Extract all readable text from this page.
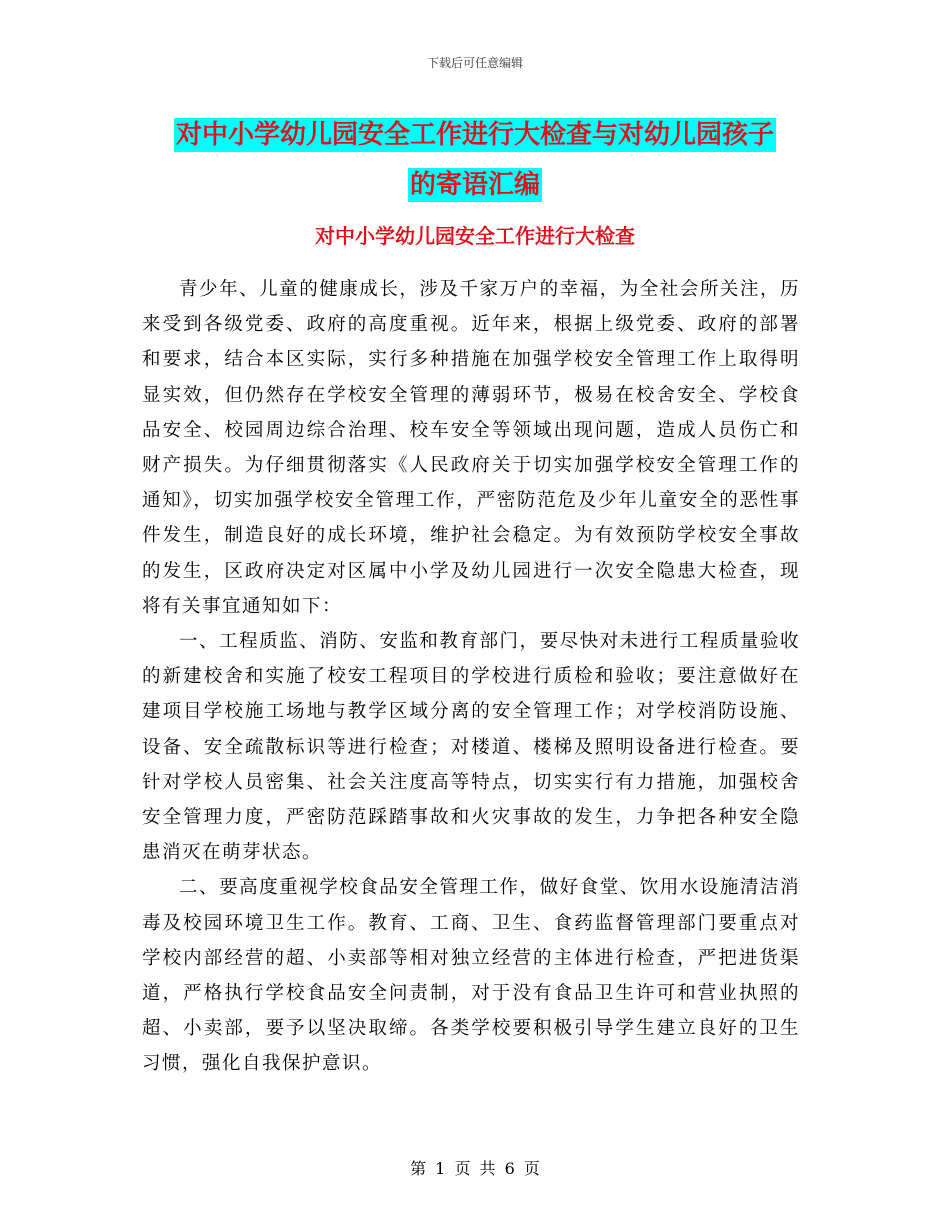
下载后可任意编辑
对中小学幼儿园安全工作进行大检查与对幼儿园孩子
的寄语汇编
对中小学幼儿园安全工作进行大检查

青少年、儿童的健康成长，涉及千家万户的幸福，为全社会所关注，历来受到各级党委、政府的高度重视。近年来，根据上级党委、政府的部署和要求，结合本区实际，实行多种措施在加强学校安全管理工作上取得明显实效，但仍然存在学校安全管理的薄弱环节，极易在校舍安全、学校食品安全、校园周边综合治理、校车安全等领域出现问题，造成人员伤亡和财产损失。为仔细贯彻落实《人民政府关于切实加强学校安全管理工作的通知》，切实加强学校安全管理工作，严密防范危及少年儿童安全的恶性事件发生，制造良好的成长环境，维护社会稳定。为有效预防学校安全事故的发生，区政府决定对区属中小学及幼儿园进行一次安全隐患大检查，现将有关事宜通知如下：

一、工程质监、消防、安监和教育部门，要尽快对未进行工程质量验收的新建校舍和实施了校安工程项目的学校进行质检和验收；要注意做好在建项目学校施工场地与教学区域分离的安全管理工作；对学校消防设施、设备、安全疏散标识等进行检查；对楼道、楼梯及照明设备进行检查。要针对学校人员密集、社会关注度高等特点，切实实行有力措施，加强校舍安全管理力度，严密防范踩踏事故和火灾事故的发生，力争把各种安全隐患消灭在萌芽状态。

二、要高度重视学校食品安全管理工作，做好食堂、饮用水设施清洁消毒及校园环境卫生工作。教育、工商、卫生、食药监督管理部门要重点对学校内部经营的超、小卖部等相对独立经营的主体进行检查，严把进货渠道，严格执行学校食品安全问责制，对于没有食品卫生许可和营业执照的超、小卖部，要予以坚决取缔。各类学校要积极引导学生建立良好的卫生习惯，强化自我保护意识。

第 1 页 共 6 页
